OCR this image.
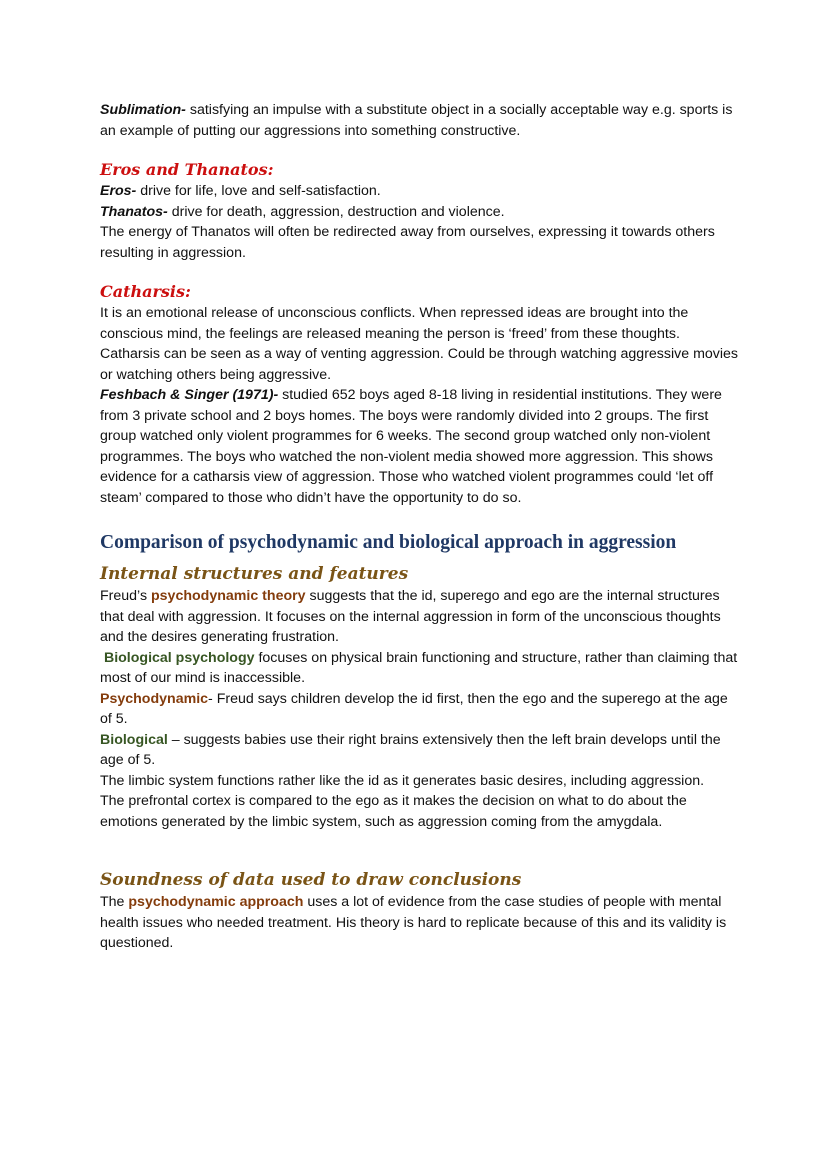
Sublimation- satisfying an impulse with a substitute object in a socially acceptable way e.g. sports is an example of putting our aggressions into something constructive.

Eros and Thanatos:

Eros- drive for life, love and self-satisfaction.

Thanatos- drive for death, aggression, destruction and violence.

The energy of Thanatos will often be redirected away from ourselves, expressing it towards others resulting in aggression.

Catharsis:

It is an emotional release of unconscious conflicts. When repressed ideas are brought into the conscious mind, the feelings are released meaning the person is ‘freed’ from these thoughts. Catharsis can be seen as a way of venting aggression. Could be through watching aggressive movies or watching others being aggressive.

Feshbach & Singer (1971)- studied 652 boys aged 8-18 living in residential institutions. They were from 3 private school and 2 boys homes. The boys were randomly divided into 2 groups. The first group watched only violent programmes for 6 weeks. The second group watched only non-violent programmes. The boys who watched the non-violent media showed more aggression. This shows evidence for a catharsis view of aggression. Those who watched violent programmes could ‘let off steam’ compared to those who didn’t have the opportunity to do so.

Comparison of psychodynamic and biological approach in aggression
Internal structures and features

Freud’s psychodynamic theory suggests that the id, superego and ego are the internal structures that deal with aggression. It focuses on the internal aggression in form of the unconscious thoughts and the desires generating frustration.

Biological psychology focuses on physical brain functioning and structure, rather than claiming that most of our mind is inaccessible.

Psychodynamic- Freud says children develop the id first, then the ego and the superego at the age of 5.

Biological – suggests babies use their right brains extensively then the left brain develops until the age of 5.

The limbic system functions rather like the id as it generates basic desires, including aggression.

The prefrontal cortex is compared to the ego as it makes the decision on what to do about the emotions generated by the limbic system, such as aggression coming from the amygdala.

Soundness of data used to draw conclusions

The psychodynamic approach uses a lot of evidence from the case studies of people with mental health issues who needed treatment. His theory is hard to replicate because of this and its validity is questioned.
